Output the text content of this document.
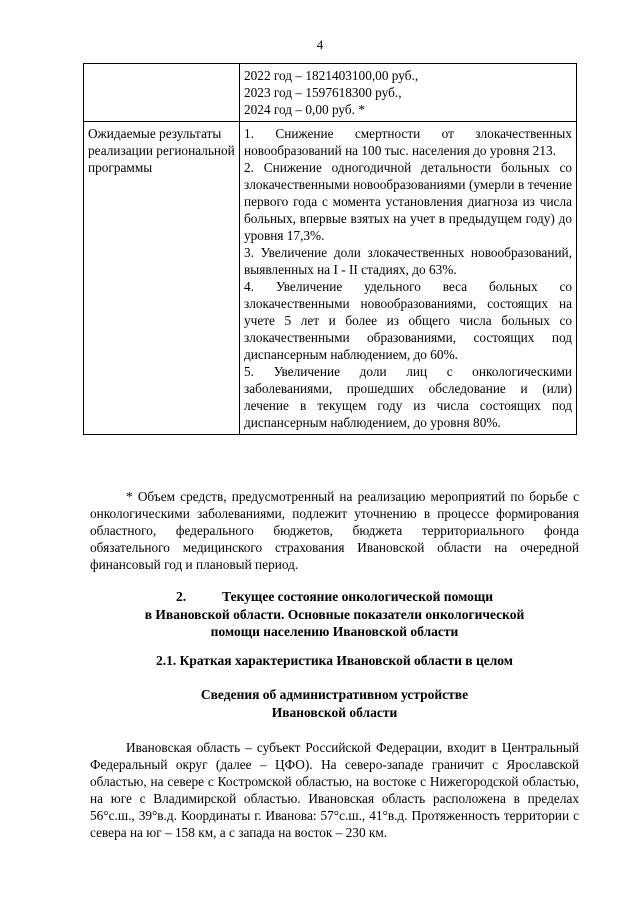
4

	2022 год – 1821403100,00 руб.,
2023 год – 1597618300 руб.,
2024 год – 0,00 руб. *

Ожидаемые результаты реализации региональной программы	1. Снижение смертности от злокачественных новообразований на 100 тыс. населения до уровня 213.
2. Снижение одногодичной детальности больных со злокачественными новообразованиями (умерли в течение первого года с момента установления диагноза из числа больных, впервые взятых на учет в предыдущем году) до уровня 17,3%.
3. Увеличение доли злокачественных новообразований, выявленных на I - II стадиях, до 63%.
4. Увеличение удельного веса больных со злокачественными новообразованиями, состоящих на учете 5 лет и более из общего числа больных со злокачественными образованиями, состоящих под диспансерным наблюдением, до 60%.
5. Увеличение доли лиц с онкологическими заболеваниями, прошедших обследование и (или) лечение в текущем году из числа состоящих под диспансерным наблюдением, до уровня 80%.
* Объем средств, предусмотренный на реализацию мероприятий по борьбе с онкологическими заболеваниями, подлежит уточнению в процессе формирования областного, федерального бюджетов, бюджета территориального фонда обязательного медицинского страхования Ивановской области на очередной финансовый год и плановый период.
2.	Текущее состояние онкологической помощи
в Ивановской области. Основные показатели онкологической
помощи населению Ивановской области
2.1. Краткая характеристика Ивановской области в целом
Сведения об административном устройстве
Ивановской области
Ивановская область – субъект Российской Федерации, входит в Центральный Федеральный округ (далее – ЦФО). На северо-западе граничит с Ярославской областью, на севере с Костромской областью, на востоке с Нижегородской областью, на юге с Владимирской областью. Ивановская область расположена в пределах 56°с.ш., 39°в.д. Координаты г. Иванова: 57°с.ш., 41°в.д. Протяженность территории с севера на юг – 158 км, а с запада на восток – 230 км.
